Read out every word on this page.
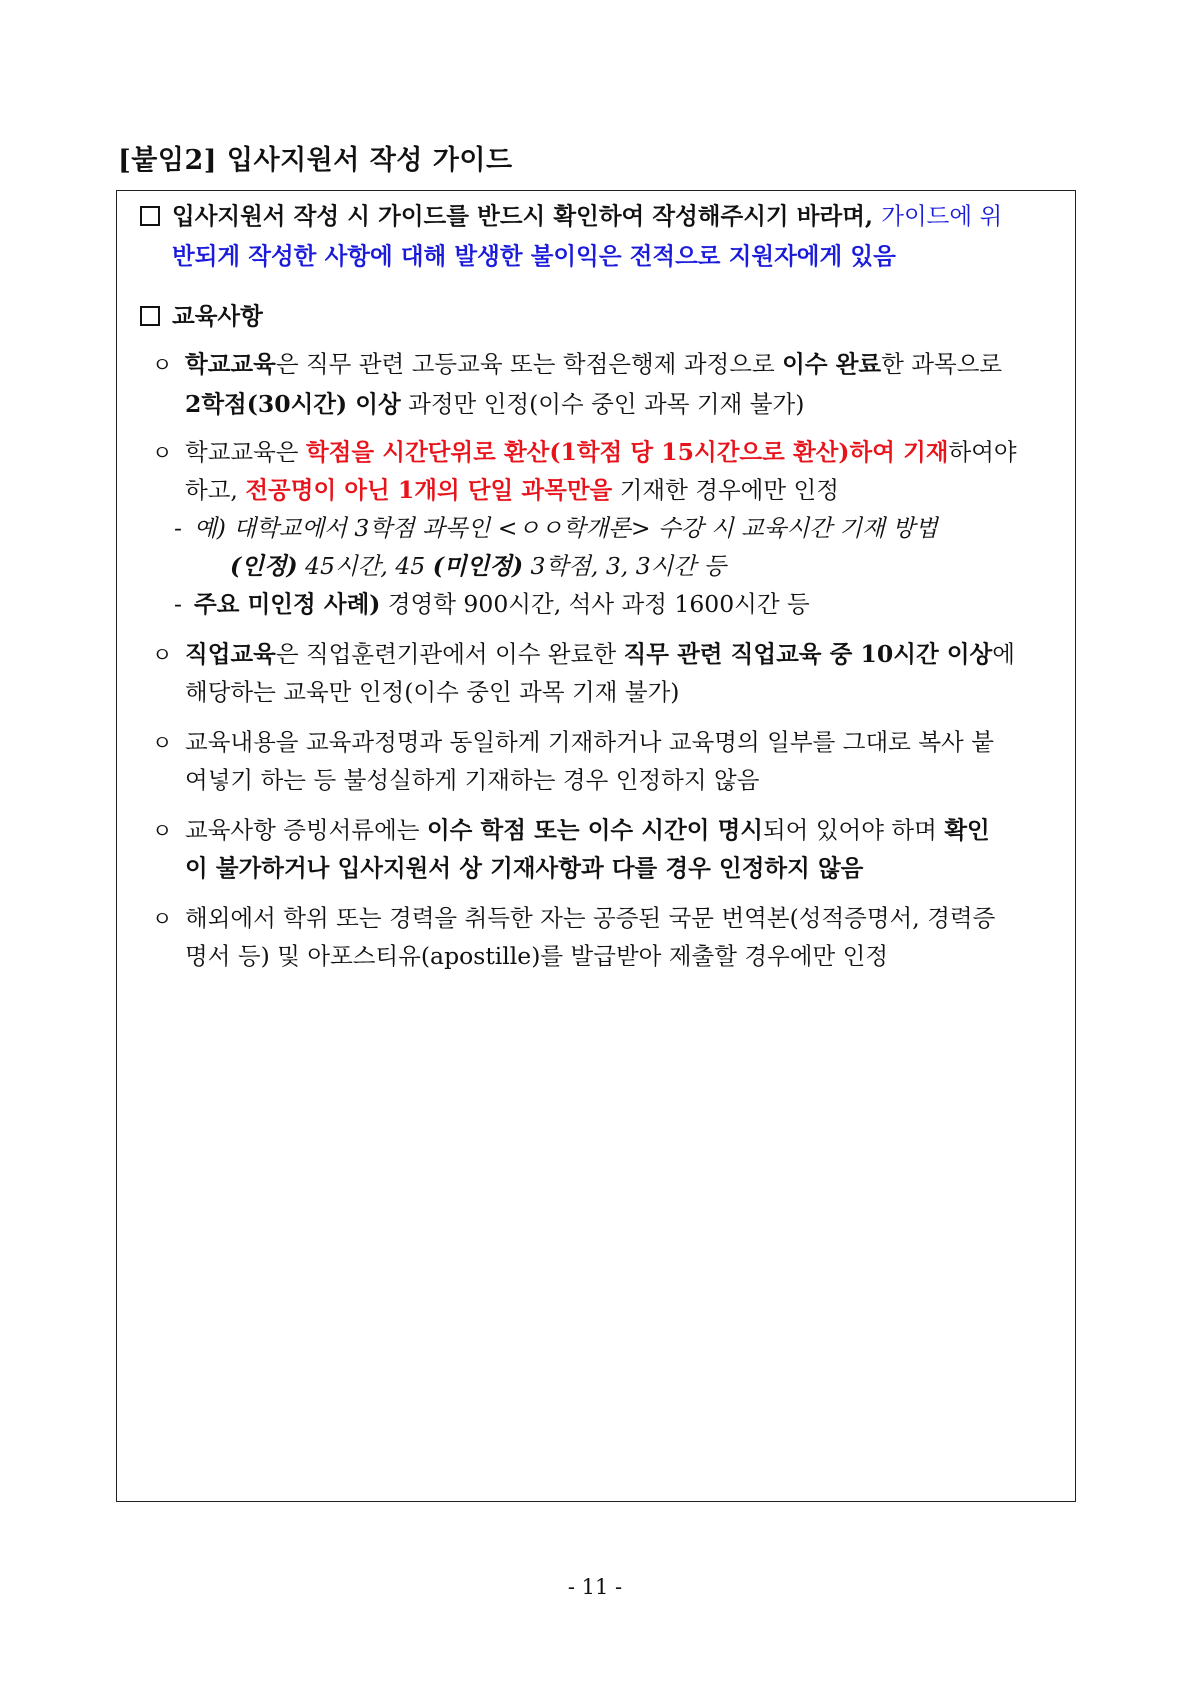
[붙임2] 입사지원서 작성 가이드
입사지원서 작성 시 가이드를 반드시 확인하여 작성해주시기 바라며, 가이드에 위
반되게 작성한 사항에 대해 발생한 불이익은 전적으로 지원자에게 있음
교육사항
ㅇ 학교교육은 직무 관련 고등교육 또는 학점은행제 과정으로 이수 완료한 과목으로
2학점(30시간) 이상 과정만 인정(이수 중인 과목 기재 불가)
ㅇ 학교교육은 학점을 시간단위로 환산(1학점 당 15시간으로 환산)하여 기재하여야
하고, 전공명이 아닌 1개의 단일 과목만을 기재한 경우에만 인정
- 예) 대학교에서 3학점 과목인 <ㅇㅇ학개론> 수강 시 교육시간 기재 방법
(인정) 45시간, 45 (미인정) 3학점, 3, 3시간 등
- 주요 미인정 사례) 경영학 900시간, 석사 과정 1600시간 등
ㅇ 직업교육은 직업훈련기관에서 이수 완료한 직무 관련 직업교육 중 10시간 이상에
해당하는 교육만 인정(이수 중인 과목 기재 불가)
ㅇ 교육내용을 교육과정명과 동일하게 기재하거나 교육명의 일부를 그대로 복사 붙
여넣기 하는 등 불성실하게 기재하는 경우 인정하지 않음
ㅇ 교육사항 증빙서류에는 이수 학점 또는 이수 시간이 명시되어 있어야 하며 확인
이 불가하거나 입사지원서 상 기재사항과 다를 경우 인정하지 않음
ㅇ 해외에서 학위 또는 경력을 취득한 자는 공증된 국문 번역본(성적증명서, 경력증
명서 등) 및 아포스티유(apostille)를 발급받아 제출할 경우에만 인정
- 11 -
